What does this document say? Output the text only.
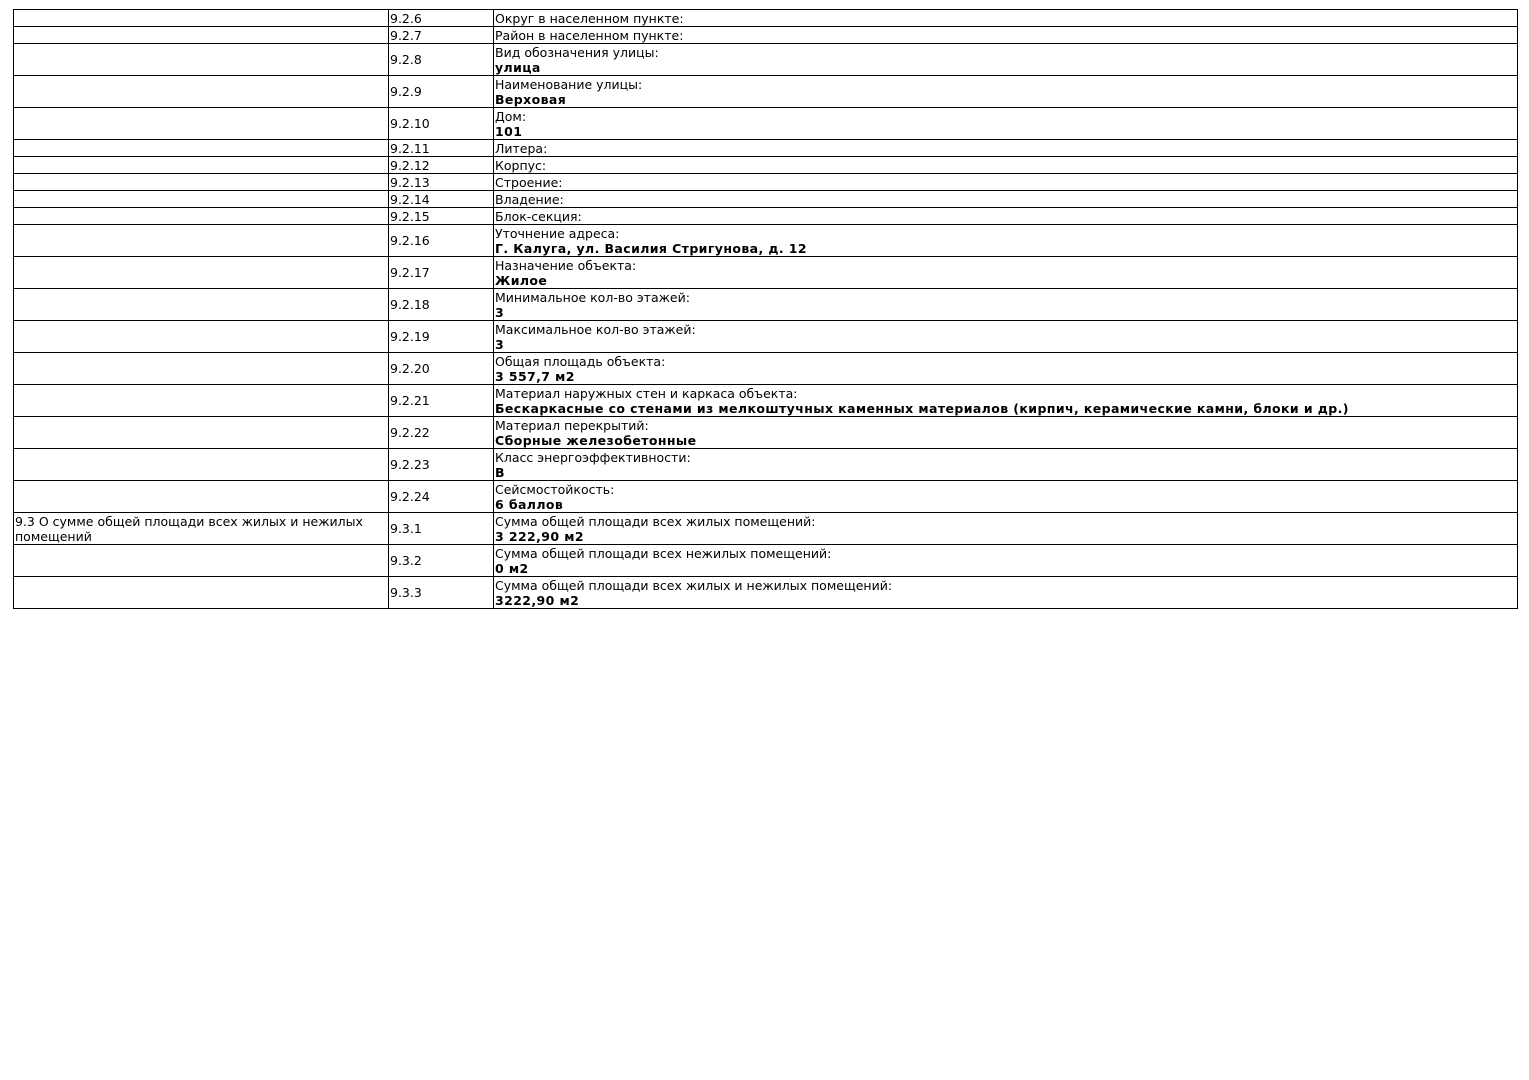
	9.2.6	Округ в населенном пункте:

	9.2.7	Район в населенном пункте:

	9.2.8	Вид обозначения улицы:
улица

	9.2.9	Наименование улицы:
Верховая

	9.2.10	Дом:
101

	9.2.11	Литера:

	9.2.12	Корпус:

	9.2.13	Строение:

	9.2.14	Владение:

	9.2.15	Блок-секция:

	9.2.16	Уточнение адреса:
Г. Калуга, ул. Василия Стригунова, д. 12

	9.2.17	Назначение объекта:
Жилое

	9.2.18	Минимальное кол-во этажей:
3

	9.2.19	Максимальное кол-во этажей:
3

	9.2.20	Общая площадь объекта:
3 557,7 м2

	9.2.21	Материал наружных стен и каркаса объекта:
Бескаркасные со стенами из мелкоштучных каменных материалов (кирпич, керамические камни, блоки и др.)

	9.2.22	Материал перекрытий:
Сборные железобетонные

	9.2.23	Класс энергоэффективности:
B

	9.2.24	Сейсмостойкость:
6 баллов

9.3 О сумме общей площади всех жилых и нежилых помещений	9.3.1	Сумма общей площади всех жилых помещений:
3 222,90 м2

	9.3.2	Сумма общей площади всех нежилых помещений:
0 м2

	9.3.3	Сумма общей площади всех жилых и нежилых помещений:
3222,90 м2
